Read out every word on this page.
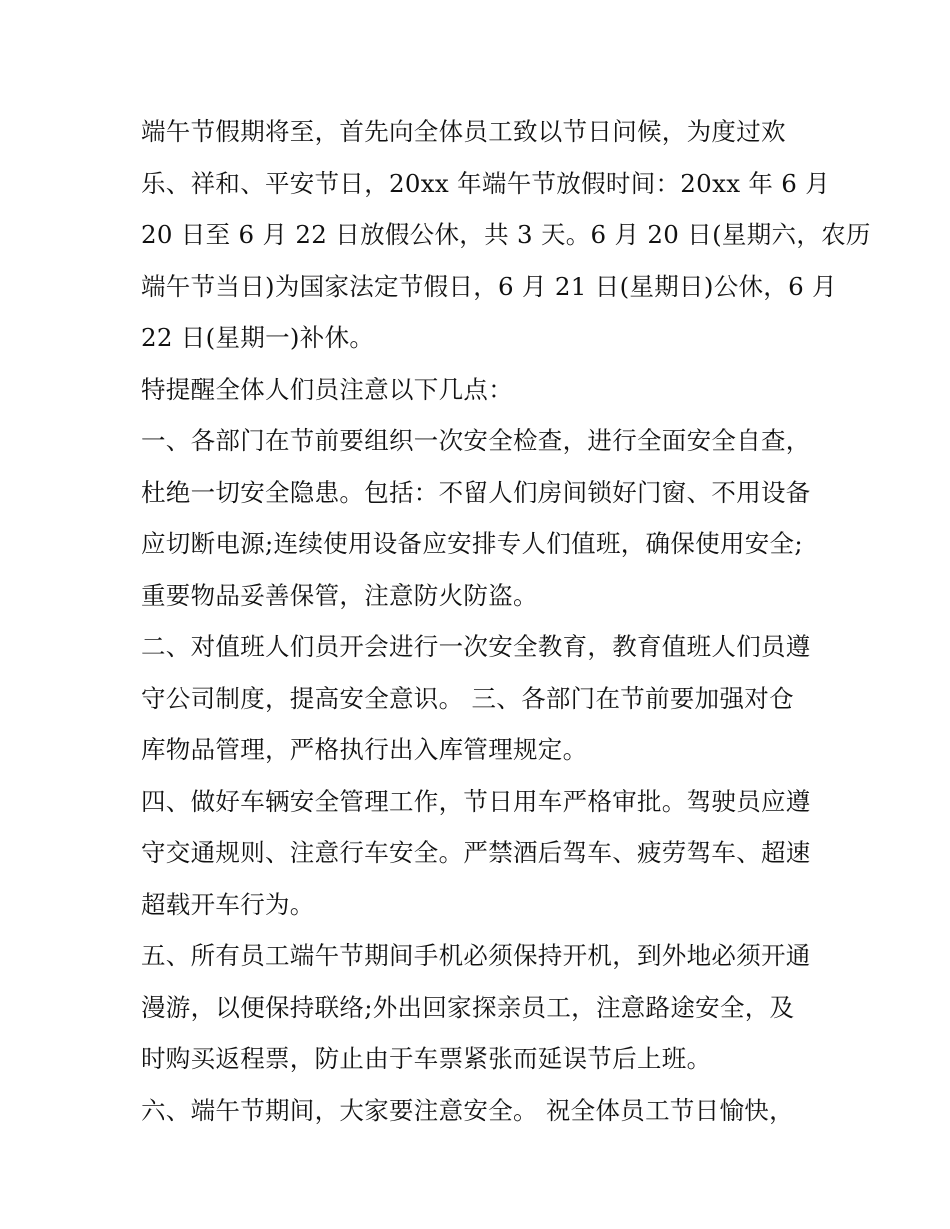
端午节假期将至，首先向全体员工致以节日问候，为度过欢
乐、祥和、平安节日，20xx 年端午节放假时间：20xx 年 6 月
20 日至 6 月 22 日放假公休，共 3 天。6 月 20 日(星期六，农历
端午节当日)为国家法定节假日，6 月 21 日(星期日)公休，6 月
22 日(星期一)补休。
特提醒全体人们员注意以下几点：
一、各部门在节前要组织一次安全检查，进行全面安全自查，
杜绝一切安全隐患。包括：不留人们房间锁好门窗、不用设备
应切断电源;连续使用设备应安排专人们值班，确保使用安全;
重要物品妥善保管，注意防火防盗。
二、对值班人们员开会进行一次安全教育，教育值班人们员遵
守公司制度，提高安全意识。 三、各部门在节前要加强对仓
库物品管理，严格执行出入库管理规定。
四、做好车辆安全管理工作，节日用车严格审批。驾驶员应遵
守交通规则、注意行车安全。严禁酒后驾车、疲劳驾车、超速
超载开车行为。
五、所有员工端午节期间手机必须保持开机，到外地必须开通
漫游，以便保持联络;外出回家探亲员工，注意路途安全，及
时购买返程票，防止由于车票紧张而延误节后上班。
六、端午节期间，大家要注意安全。 祝全体员工节日愉快，
